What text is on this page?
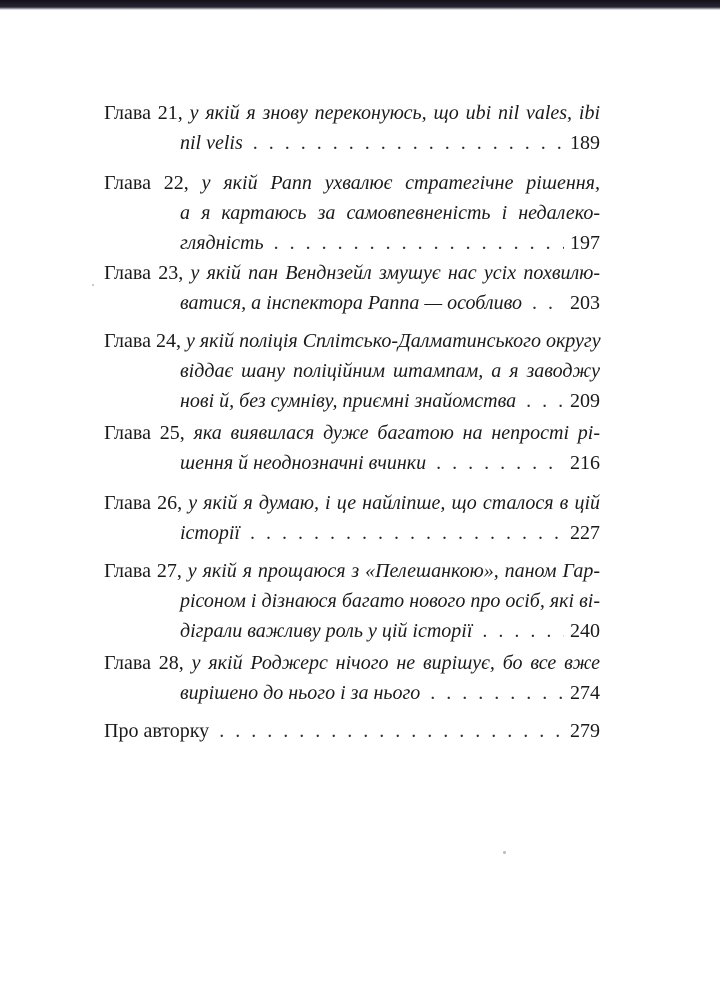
Глава 21, у якій я знову переконуюсь, що ubi nil vales, ibi
nil velis . . .	189
Глава 22, у якій Рапп ухвалює стратегічне рішення,
а я картаюсь за самовпевненість і недалеко-
глядність . . .	197
Глава 23, у якій пан Венднзейл змушує нас усіх похвилю-
ватися, а інспектора Раппа — особливо . . .	203
Глава 24, у якій поліція Сплітсько-Далматинського округу
віддає шану поліційним штампам, а я заводжу
нові й, без сумніву, приємні знайомства . . .	209
Глава 25, яка виявилася дуже багатою на непрості рі-
шення й неоднозначні вчинки . . .	216
Глава 26, у якій я думаю, і це найліпше, що сталося в цій
історії . . .	227
Глава 27, у якій я прощаюся з «Пелешанкою», паном Гар-
рісоном і дізнаюся багато нового про осіб, які ві-
діграли важливу роль у цій історії . . .	240
Глава 28, у якій Роджерс нічого не вирішує, бо все вже
вирішено до нього і за нього . . .	274
Про авторку . . .	279
